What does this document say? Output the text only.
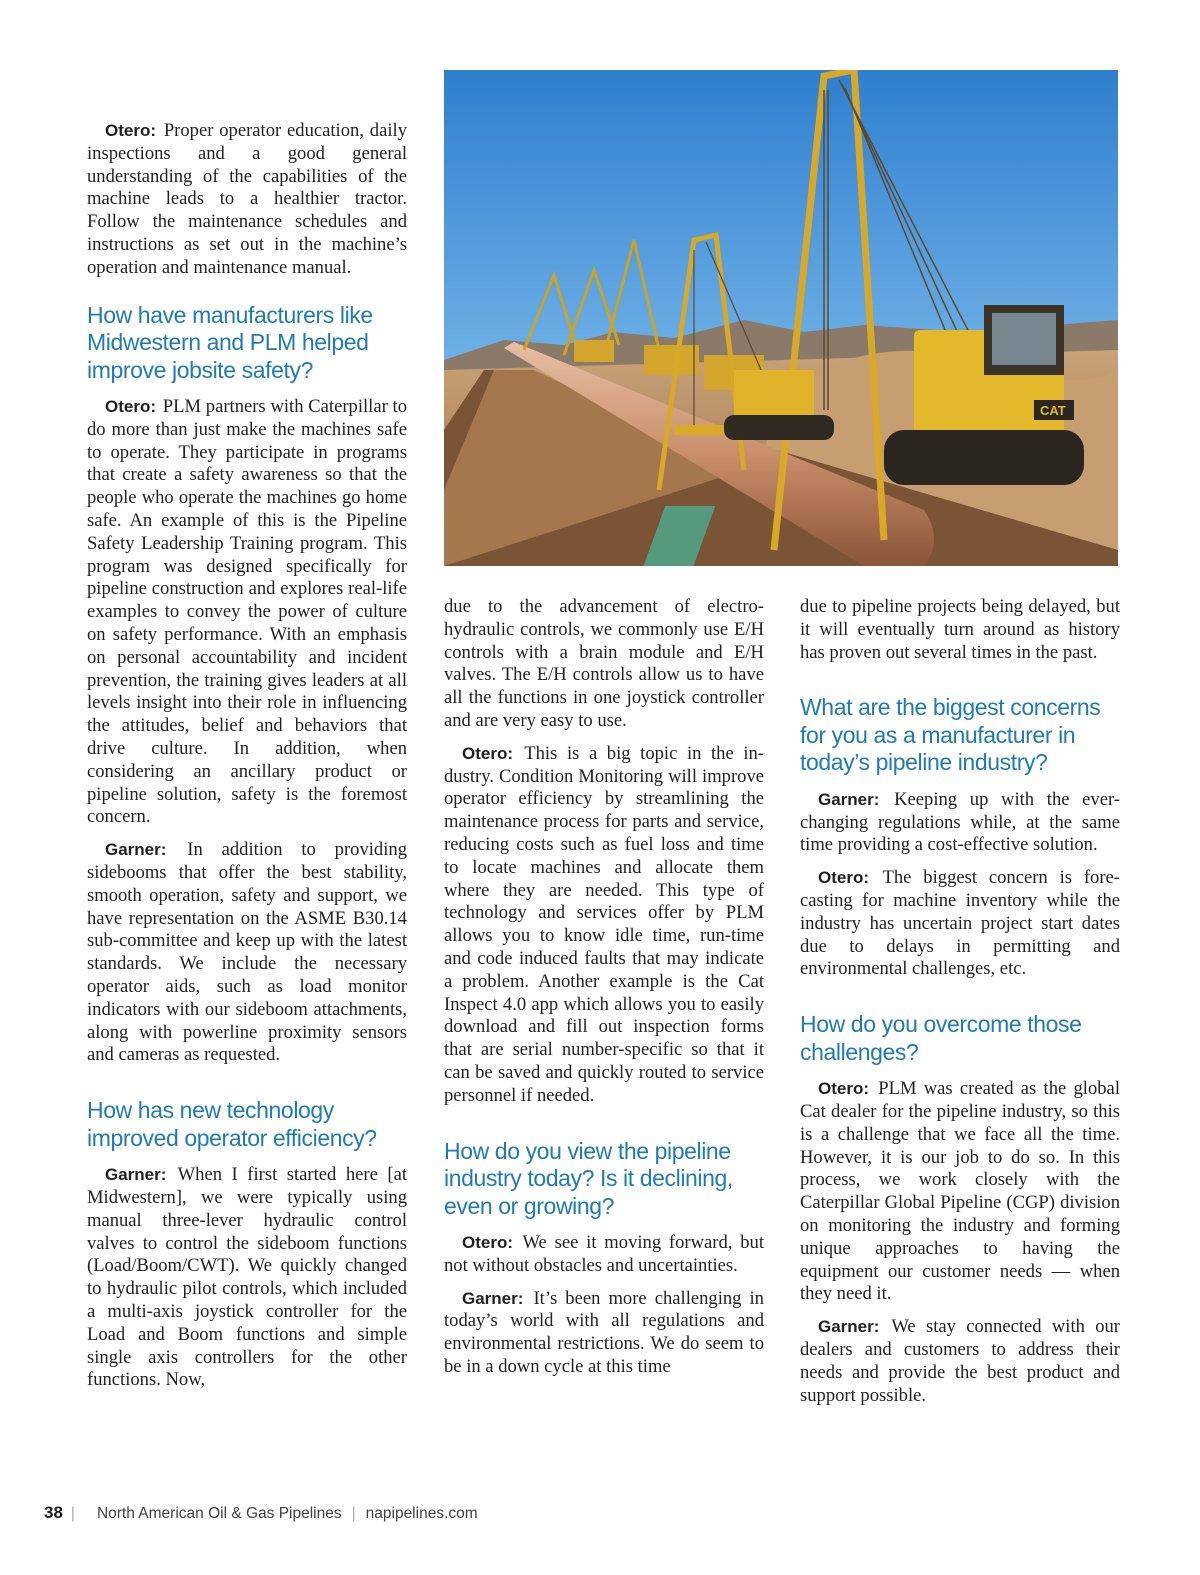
CAT

Otero: Proper operator education, daily inspections and a good general understanding of the capabilities of the machine leads to a healthier tractor. Follow the maintenance schedules and instructions as set out in the machine’s operation and maintenance manual.

How have manufacturers like Midwestern and PLM helped improve jobsite safety?

Otero: PLM partners with Caterpillar to do more than just make the machines safe to operate. They participate in programs that create a safety awareness so that the people who operate the machines go home safe. An example of this is the Pipeline Safety Leadership Training program. This program was designed specifically for pipeline construction and explores real-life examples to convey the power of culture on safety performance. With an emphasis on personal accountability and incident prevention, the training gives leaders at all levels insight into their role in influencing the attitudes, belief and behaviors that drive culture. In addition, when considering an ancillary product or pipeline solution, safety is the foremost concern.

Garner: In addition to providing sidebooms that offer the best stability, smooth operation, safety and support, we have representation on the ASME B30.14 sub-committee and keep up with the latest standards. We include the necessary operator aids, such as load monitor indicators with our sideboom attachments, along with powerline proximity sensors and cameras as requested.

How has new technology improved operator efficiency?

Garner: When I first started here [at Midwestern], we were typically using manual three-lever hydraulic control valves to control the sideboom functions (Load/Boom/CWT). We quickly changed to hydraulic pilot controls, which included a multi-axis joystick controller for the Load and Boom functions and simple single axis controllers for the other functions. Now,

due to the advancement of electro-hydraulic controls, we commonly use E/H controls with a brain module and E/H valves. The E/H controls allow us to have all the functions in one joystick controller and are very easy to use.

Otero: This is a big topic in the industry. Condition Monitoring will improve operator efficiency by streamlining the maintenance process for parts and service, reducing costs such as fuel loss and time to locate machines and allocate them where they are needed. This type of technology and services offer by PLM allows you to know idle time, run-time and code induced faults that may indicate a problem. Another example is the Cat Inspect 4.0 app which allows you to easily download and fill out inspection forms that are serial number-specific so that it can be saved and quickly routed to service personnel if needed.

How do you view the pipeline industry today? Is it declining, even or growing?

Otero: We see it moving forward, but not without obstacles and uncertainties.

Garner: It’s been more challenging in today’s world with all regulations and environmental restrictions. We do seem to be in a down cycle at this time

due to pipeline projects being delayed, but it will eventually turn around as history has proven out several times in the past.

What are the biggest concerns for you as a manufacturer in today’s pipeline industry?

Garner: Keeping up with the ever-changing regulations while, at the same time providing a cost-effective solution.

Otero: The biggest concern is forecasting for machine inventory while the industry has uncertain project start dates due to delays in permitting and environmental challenges, etc.

How do you overcome those challenges?

Otero: PLM was created as the global Cat dealer for the pipeline industry, so this is a challenge that we face all the time. However, it is our job to do so. In this process, we work closely with the Caterpillar Global Pipeline (CGP) division on monitoring the industry and forming unique approaches to having the equipment our customer needs — when they need it.

Garner: We stay connected with our dealers and customers to address their needs and provide the best product and support possible.

38 | North American Oil & Gas Pipelines | napipelines.com
